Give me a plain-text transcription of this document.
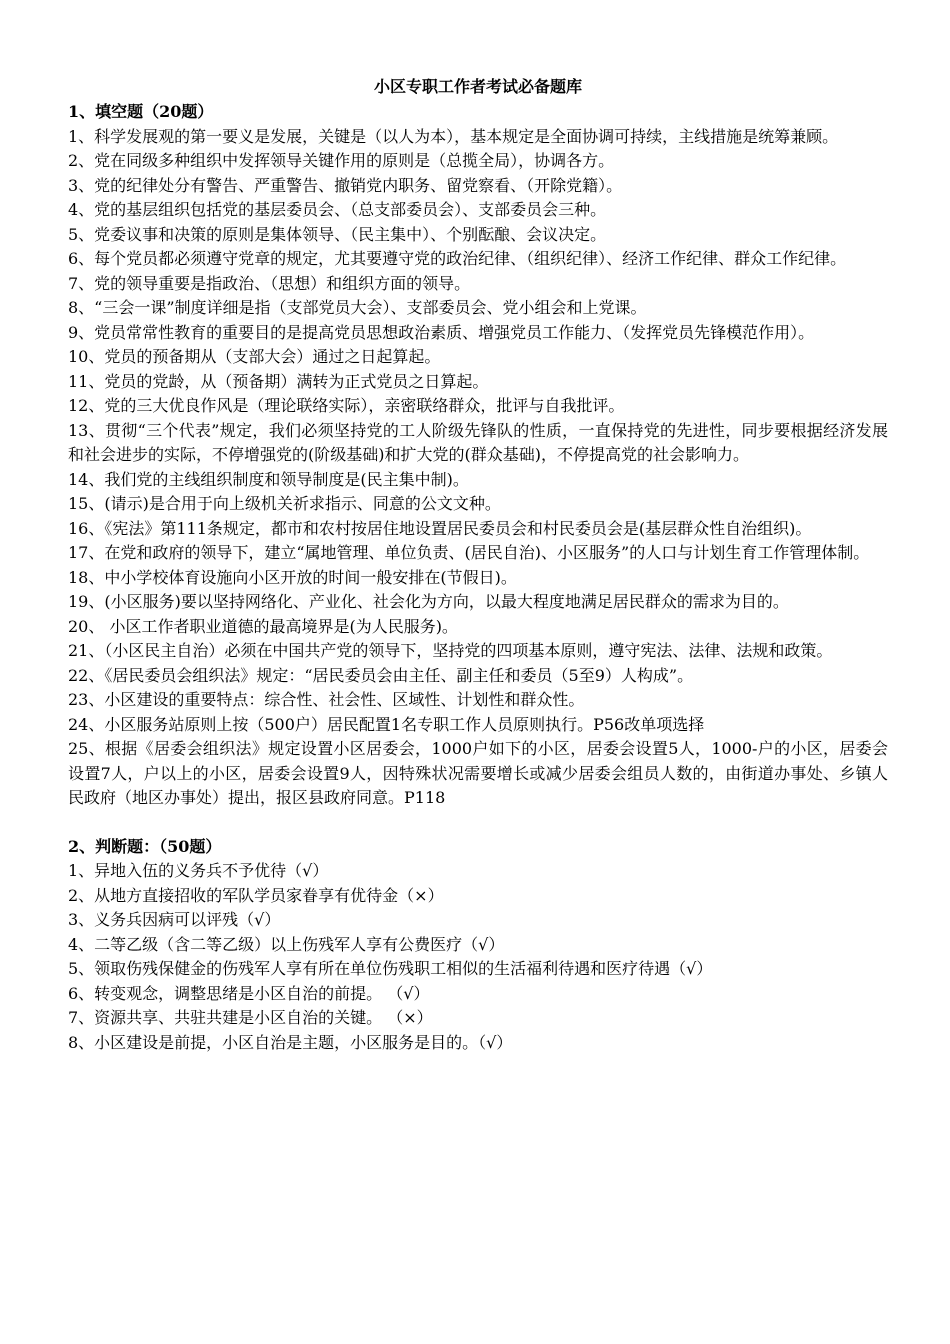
小区专职工作者考试必备题库
1、填空题（20题）
1、科学发展观的第一要义是发展，关键是（以人为本），基本规定是全面协调可持续，主线措施是统筹兼顾。
2、党在同级多种组织中发挥领导关键作用的原则是（总揽全局），协调各方。
3、党的纪律处分有警告、严重警告、撤销党内职务、留党察看、（开除党籍）。
4、党的基层组织包括党的基层委员会、（总支部委员会）、支部委员会三种。
5、党委议事和决策的原则是集体领导、（民主集中）、个别酝酿、会议决定。
6、每个党员都必须遵守党章的规定，尤其要遵守党的政治纪律、（组织纪律）、经济工作纪律、群众工作纪律。
7、党的领导重要是指政治、（思想）和组织方面的领导。
8、“三会一课”制度详细是指（支部党员大会）、支部委员会、党小组会和上党课。
9、党员常常性教育的重要目的是提高党员思想政治素质、增强党员工作能力、（发挥党员先锋模范作用）。
10、党员的预备期从（支部大会）通过之日起算起。
11、党员的党龄，从（预备期）满转为正式党员之日算起。
12、党的三大优良作风是（理论联络实际），亲密联络群众，批评与自我批评。
13、贯彻“三个代表”规定，我们必须坚持党的工人阶级先锋队的性质，一直保持党的先进性，同步要根据经济发展和社会进步的实际，不停增强党的(阶级基础)和扩大党的(群众基础)，不停提高党的社会影响力。
14、我们党的主线组织制度和领导制度是(民主集中制)。
15、(请示)是合用于向上级机关祈求指示、同意的公文文种。
16、《宪法》第111条规定，都市和农村按居住地设置居民委员会和村民委员会是(基层群众性自治组织)。
17、在党和政府的领导下，建立“属地管理、单位负责、(居民自治)、小区服务”的人口与计划生育工作管理体制。
18、中小学校体育设施向小区开放的时间一般安排在(节假日)。
19、(小区服务)要以坚持网络化、产业化、社会化为方向，以最大程度地满足居民群众的需求为目的。
20、 小区工作者职业道德的最高境界是(为人民服务)。
21、（小区民主自治）必须在中国共产党的领导下，坚持党的四项基本原则，遵守宪法、法律、法规和政策。
22、《居民委员会组织法》规定：“居民委员会由主任、副主任和委员（5至9）人构成”。
23、小区建设的重要特点：综合性、社会性、区域性、计划性和群众性。
24、小区服务站原则上按（500户）居民配置1名专职工作人员原则执行。P56改单项选择
25、根据《居委会组织法》规定设置小区居委会，1000户如下的小区，居委会设置5人，1000-户的小区，居委会设置7人，户以上的小区，居委会设置9人，因特殊状况需要增长或减少居委会组员人数的，由街道办事处、乡镇人民政府（地区办事处）提出，报区县政府同意。P118
2、判断题：（50题）
1、异地入伍的义务兵不予优待（√）
2、从地方直接招收的军队学员家眷享有优待金（×）
3、义务兵因病可以评残（√）
4、二等乙级（含二等乙级）以上伤残军人享有公费医疗（√）
5、领取伤残保健金的伤残军人享有所在单位伤残职工相似的生活福利待遇和医疗待遇（√）
6、转变观念，调整思绪是小区自治的前提。 （√）
7、资源共享、共驻共建是小区自治的关键。 （×）
8、小区建设是前提，小区自治是主题，小区服务是目的。（√）
